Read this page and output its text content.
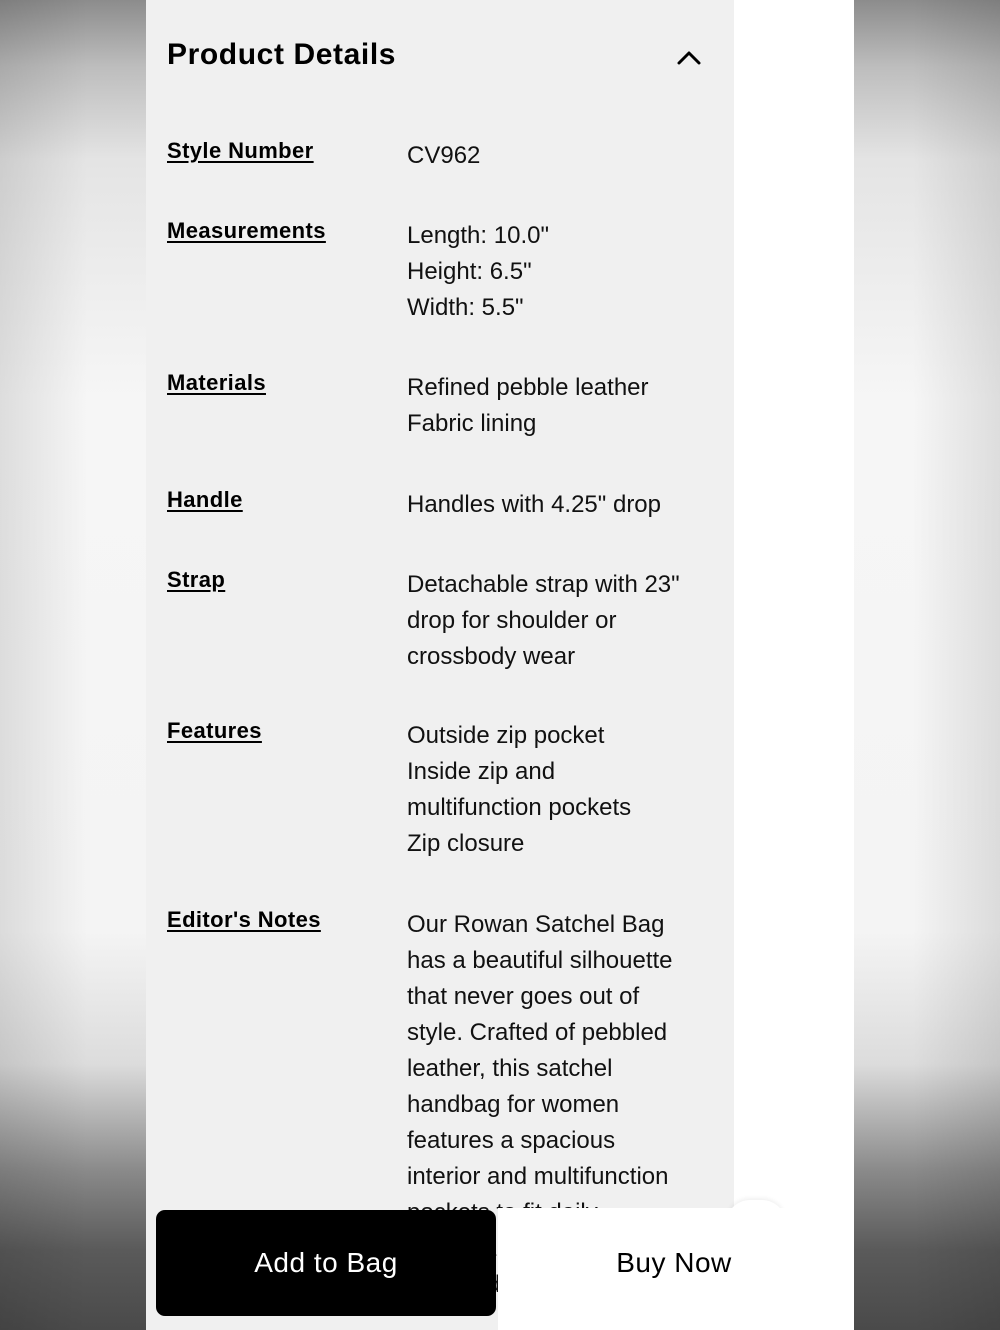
Product Details
Style Number	CV962
Measurements	Length: 10.0"
Height: 6.5"
Width: 5.5"
Materials	Refined pebble leather
Fabric lining
Handle	Handles with 4.25" drop
Strap	Detachable strap with 23"
drop for shoulder or
crossbody wear
Features	Outside zip pocket
Inside zip and
multifunction pockets
Zip closure
Editor's Notes	Our Rowan Satchel Bag
has a beautiful silhouette
that never goes out of
style. Crafted of pebbled
leather, this satchel
handbag for women
features a spacious
interior and multifunction
Add to Bag	Buy Now
